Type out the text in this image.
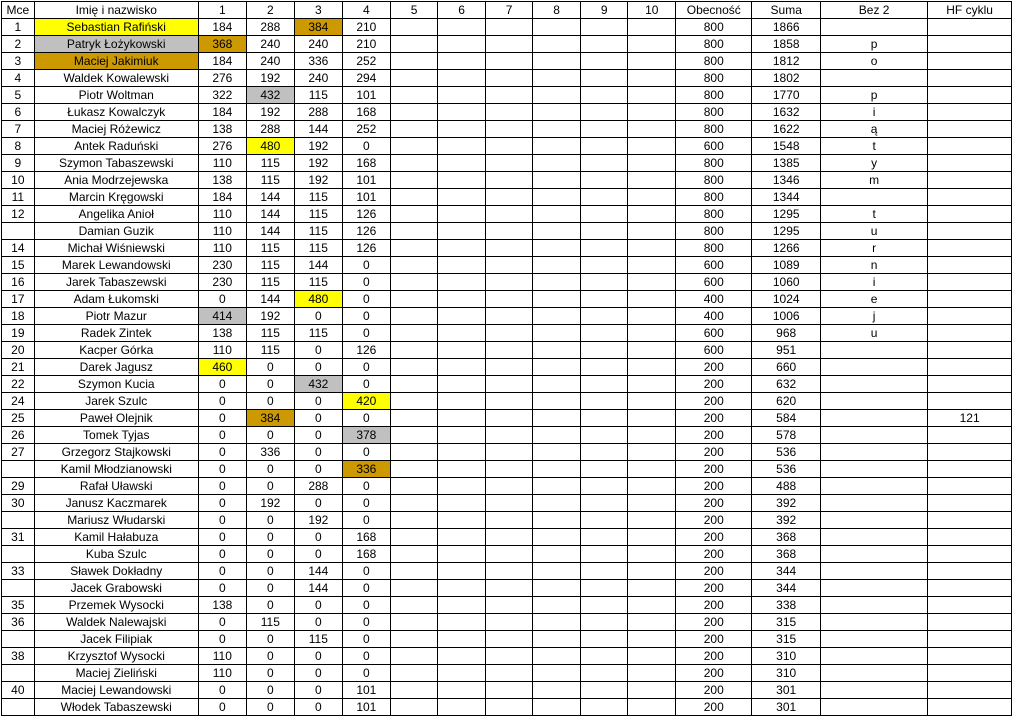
Mce	Imię i nazwisko	1	2	3	4	5	6	7	8	9	10	Obecność	Suma	Bez 2	HF cyklu
1	Sebastian Rafiński	184	288	384	210							800	1866		
2	Patryk Łożykowski	368	240	240	210							800	1858	p	
3	Maciej Jakimiuk	184	240	336	252							800	1812	o	
4	Waldek Kowalewski	276	192	240	294							800	1802		
5	Piotr Woltman	322	432	115	101							800	1770	p	
6	Łukasz Kowalczyk	184	192	288	168							800	1632	i	
7	Maciej Różewicz	138	288	144	252							800	1622	ą	
8	Antek Raduński	276	480	192	0							600	1548	t	
9	Szymon Tabaszewski	110	115	192	168							800	1385	y	
10	Ania Modrzejewska	138	115	192	101							800	1346	m	
11	Marcin Kręgowski	184	144	115	101							800	1344		
12	Angelika Anioł	110	144	115	126							800	1295	t	
	Damian Guzik	110	144	115	126							800	1295	u	
14	Michał Wiśniewski	110	115	115	126							800	1266	r	
15	Marek Lewandowski	230	115	144	0							600	1089	n	
16	Jarek Tabaszewski	230	115	115	0							600	1060	i	
17	Adam Łukomski	0	144	480	0							400	1024	e	
18	Piotr Mazur	414	192	0	0							400	1006	j	
19	Radek Zintek	138	115	115	0							600	968	u	
20	Kacper Górka	110	115	0	126							600	951		
21	Darek Jagusz	460	0	0	0							200	660		
22	Szymon Kucia	0	0	432	0							200	632		
24	Jarek Szulc	0	0	0	420							200	620		
25	Paweł Olejnik	0	384	0	0							200	584		121
26	Tomek Tyjas	0	0	0	378							200	578		
27	Grzegorz Stajkowski	0	336	0	0							200	536		
	Kamil Młodzianowski	0	0	0	336							200	536		
29	Rafał Uławski	0	0	288	0							200	488		
30	Janusz Kaczmarek	0	192	0	0							200	392		
	Mariusz Włudarski	0	0	192	0							200	392		
31	Kamil Hałabuza	0	0	0	168							200	368		
	Kuba Szulc	0	0	0	168							200	368		
33	Sławek Dokładny	0	0	144	0							200	344		
	Jacek Grabowski	0	0	144	0							200	344		
35	Przemek Wysocki	138	0	0	0							200	338		
36	Waldek Nalewajski	0	115	0	0							200	315		
	Jacek Filipiak	0	0	115	0							200	315		
38	Krzysztof Wysocki	110	0	0	0							200	310		
	Maciej Zieliński	110	0	0	0							200	310		
40	Maciej Lewandowski	0	0	0	101							200	301		
	Włodek Tabaszewski	0	0	0	101							200	301		
